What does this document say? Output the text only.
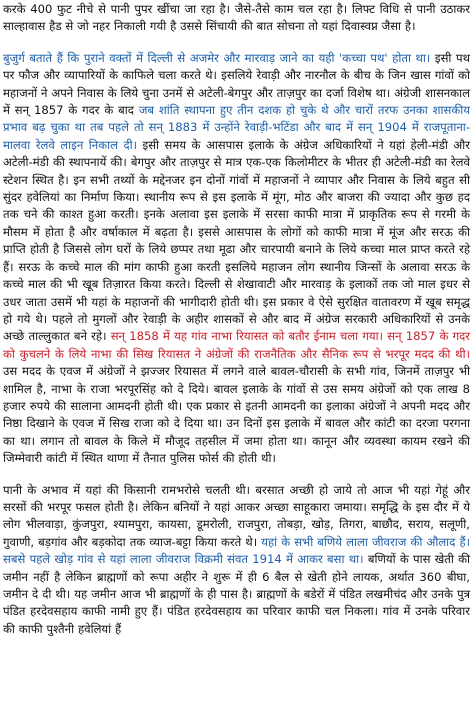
करके 400 फुट नीचे से पानी पुपर खींचा जा रहा है। जैसे-तैसे काम चल रहा है। लिफ्ट विधि से पानी उठाकर साल्हावास हैड से जो नहर निकाली गयी है उससे सिंचायी की बात सोचना तो यहां दिवास्वप्न जैसा है।

बुजुर्ग बताते हैं कि पुराने वक्तों में दिल्ली से अजमेर और मारवाड़ जाने का यही 'कच्चा पथ' होता था। इसी पथ पर फौज और व्यापारियों के काफिले चला करते थे। इसलिये रेवाड़ी और नारनौल के बीच के जिन खास गांवों को महाजनों ने अपने निवास के लिये चुना उनमें से अटेली-बेगपुर और ताज़पुर का दर्जा विशेष था। अंग्रेजी शासनकाल में सन् 1857 के गदर के बाद जब शांति स्थापना हुए तीन दशक हो चुके थे और चारों तरफ उनका शासकीय प्रभाव बढ़ चुका था तब पहले तो सन् 1883 में उन्होंने रेवाड़ी-भटिंडा और बाद में सन् 1904 में राजपूताना-मालवा रेलवे लाइन निकाल दी। इसी समय के आसपास इलाके के अंग्रेज अधिकारियों ने यहां हेली-मंडी और अटेली-मंडी की स्थापनायें की। बेगपुर और ताज़पुर से मात्र एक-एक किलोमीटर के भीतर ही अटेली-मंडी का रेलवे स्टेशन स्थित है। इन सभी तथ्यों के मद्देनजर इन दोनों गांवों में महाजनों ने व्यापार और निवास के लिये बहुत सी सुंदर हवेलियां का निर्माण किया। स्थानीय रूप से इस इलाके में मूंग, मोठ और बाजरा की ज्यादा और कुछ हद तक चने की काश्त हुआ करती। इनके अलावा इस इलाके में सरसा काफी मात्रा में प्राकृतिक रूप से गरमी के मौसम में होता है और वर्षाकाल में बढ़ता है। इससे आसपास के लोगों को काफी मात्रा में मूंज और सरऊ की प्राप्ति होती है जिससे लोग घरों के लिये छप्पर तथा मूढा और चारपायी बनाने के लिये कच्चा माल प्राप्त करते रहे हैं। सरऊ के कच्चे माल की मांग काफी हुआ करती इसलिये महाजन लोग स्थानीय जिन्सों के अलावा सरऊ के कच्चे माल की भी खूब तिज़ारत किया करते। दिल्ली से शेखावाटी और मारवाड़ के इलाकों तक जो माल इधर से उधर जाता उसमें भी यहां के महाजनों की भागीदारी होती थी। इस प्रकार वे ऐसे सुरक्षित वातावरण में खूब समृद्ध हो गये थे। पहले तो मुगलों और रेवाड़ी के अहीर शासकों से और बाद में अंग्रेज सरकारी अधिकारियों से उनके अच्छे ताल्लुकात बने रहे। सन् 1858 में यह गांव नाभा रियासत को बतौर ईनाम चला गया। सन् 1857 के गदर को कुचलने के लिये नाभा की सिख रियासत ने अंग्रेजों की राजनैतिक और सैनिक रूप से भरपूर मदद की थी। उस मदद के एवज में अंग्रेजों ने झज्जर रियासत में लगने वाले बावल-चौरासी के सभी गांव, जिनमें ताज़पुर भी शामिल है, नाभा के राजा भरपूरसिंह को दे दिये। बावल इलाके के गांवों से उस समय अंग्रेजों को एक लाख 8 हजार रुपये की सालाना आमदनी होती थी। एक प्रकार से इतनी आमदनी का इलाका अंग्रेजों ने अपनी मदद और निष्ठा दिखाने के एवज में सिख राजा को दे दिया था। उन दिनों इस इलाके में बावल और कांटी का दरजा परगना का था। लगान तो बावल के किले में मौजूद तहसील में जमा होता था। कानून और व्यवस्था कायम रखने की जिम्मेवारी कांटी में स्थित थाणा में तैनात पुलिस फोर्स की होती थी।

पानी के अभाव में यहां की किसानी रामभरोसे चलती थी। बरसात अच्छी हो जाये तो आज भी यहां गेहूं और सरसों की भरपूर फसल होती है। लेकिन बनियों ने यहां आकर अच्छा साहूकारा जमाया। समृद्धि के इस दौर में ये लोग भीलवाड़ा, कुंजपुरा, श्यामपुरा, कायसा, डूमरोली, राजपुरा, तोबड़ा, खोड़, तिगरा, बाछौद, सराय, सलूणी, गुवाणी, बड़गांव और बड़कोदा तक व्याज-बट्टा किया करते थे। यहां के सभी बणिये लाला जीवराज की औलाद हैं। सबसे पहले खोड़ गांव से यहां लाला जीवराज विक्रमी संवत 1914 में आकर बसा था। बणियों के पास खेती की जमीन नहीं है लेकिन ब्राह्मणों को रूपा अहीर ने शुरू में ही 6 बैल से खेती होने लायक, अर्थात 360 बीघा, जमीन दे दी थी। यह जमीन आज भी ब्राह्मणों के ही पास है। ब्राह्मणों के बडेरों में पंडित लखमीचंद और उनके पुत्र पंडित हरदेवसहाय काफी नामी हुए हैं। पंडित हरदेवसहाय का परिवार काफी चल निकला। गांव में उनके परिवार की काफी पुश्तैनी हवेलियां हैं
